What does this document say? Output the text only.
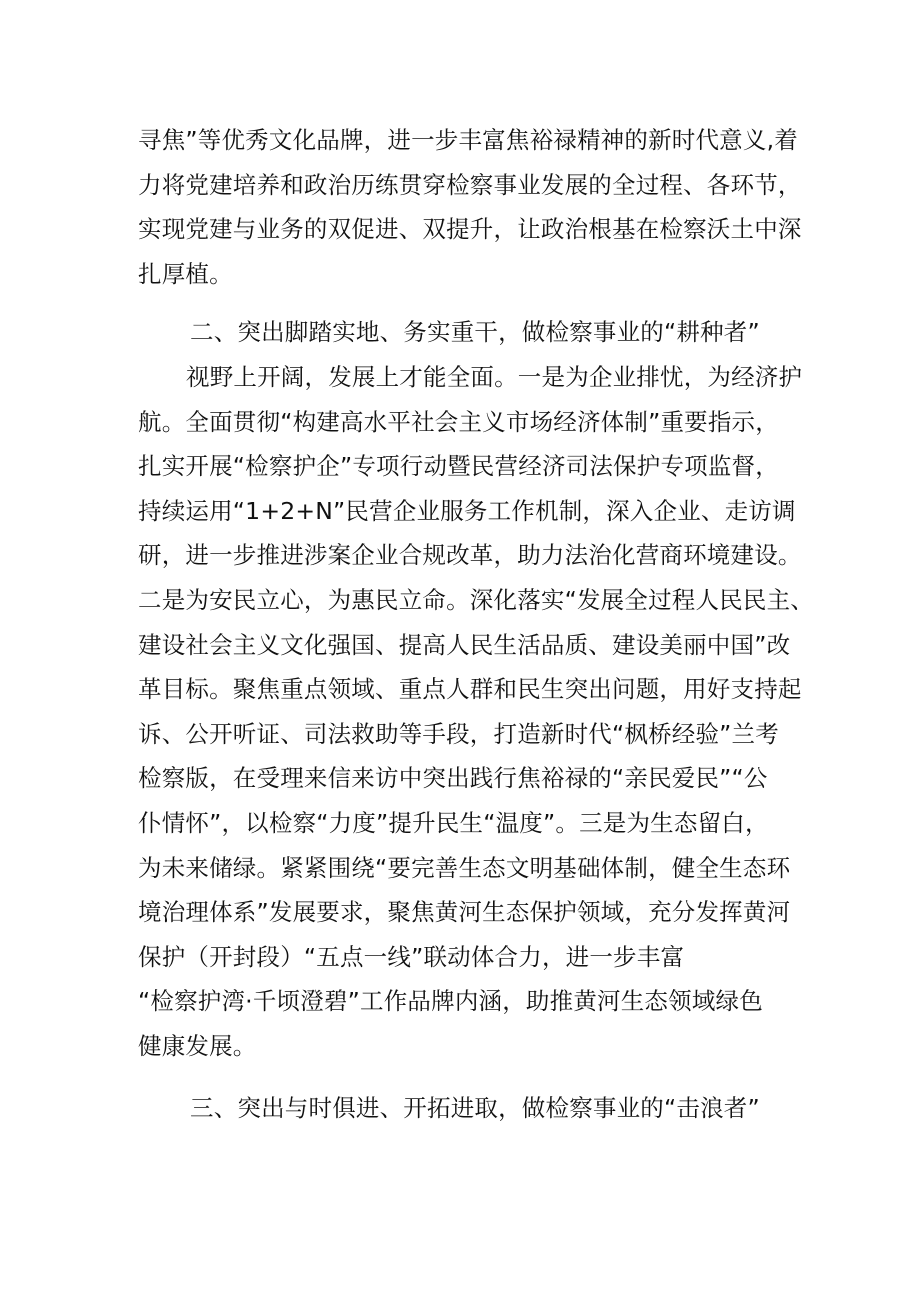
寻焦”等优秀文化品牌，进一步丰富焦裕禄精神的新时代意义,着
力将党建培养和政治历练贯穿检察事业发展的全过程、各环节，
实现党建与业务的双促进、双提升，让政治根基在检察沃土中深
扎厚植。

二、突出脚踏实地、务实重干，做检察事业的“耕种者”

视野上开阔，发展上才能全面。一是为企业排忧，为经济护
航。全面贯彻“构建高水平社会主义市场经济体制”重要指示，
扎实开展“检察护企”专项行动暨民营经济司法保护专项监督，
持续运用“1+2+N”民营企业服务工作机制，深入企业、走访调
研，进一步推进涉案企业合规改革，助力法治化营商环境建设。
二是为安民立心，为惠民立命。深化落实“发展全过程人民民主、
建设社会主义文化强国、提高人民生活品质、建设美丽中国”改
革目标。聚焦重点领域、重点人群和民生突出问题，用好支持起
诉、公开听证、司法救助等手段，打造新时代“枫桥经验”兰考
检察版，在受理来信来访中突出践行焦裕禄的“亲民爱民”“公
仆情怀”，以检察“力度”提升民生“温度”。三是为生态留白，
为未来储绿。紧紧围绕“要完善生态文明基础体制，健全生态环
境治理体系”发展要求，聚焦黄河生态保护领域，充分发挥黄河
保护（开封段）“五点一线”联动体合力，进一步丰富
“检察护湾·千顷澄碧”工作品牌内涵，助推黄河生态领域绿色
健康发展。

三、突出与时俱进、开拓进取，做检察事业的“击浪者”
